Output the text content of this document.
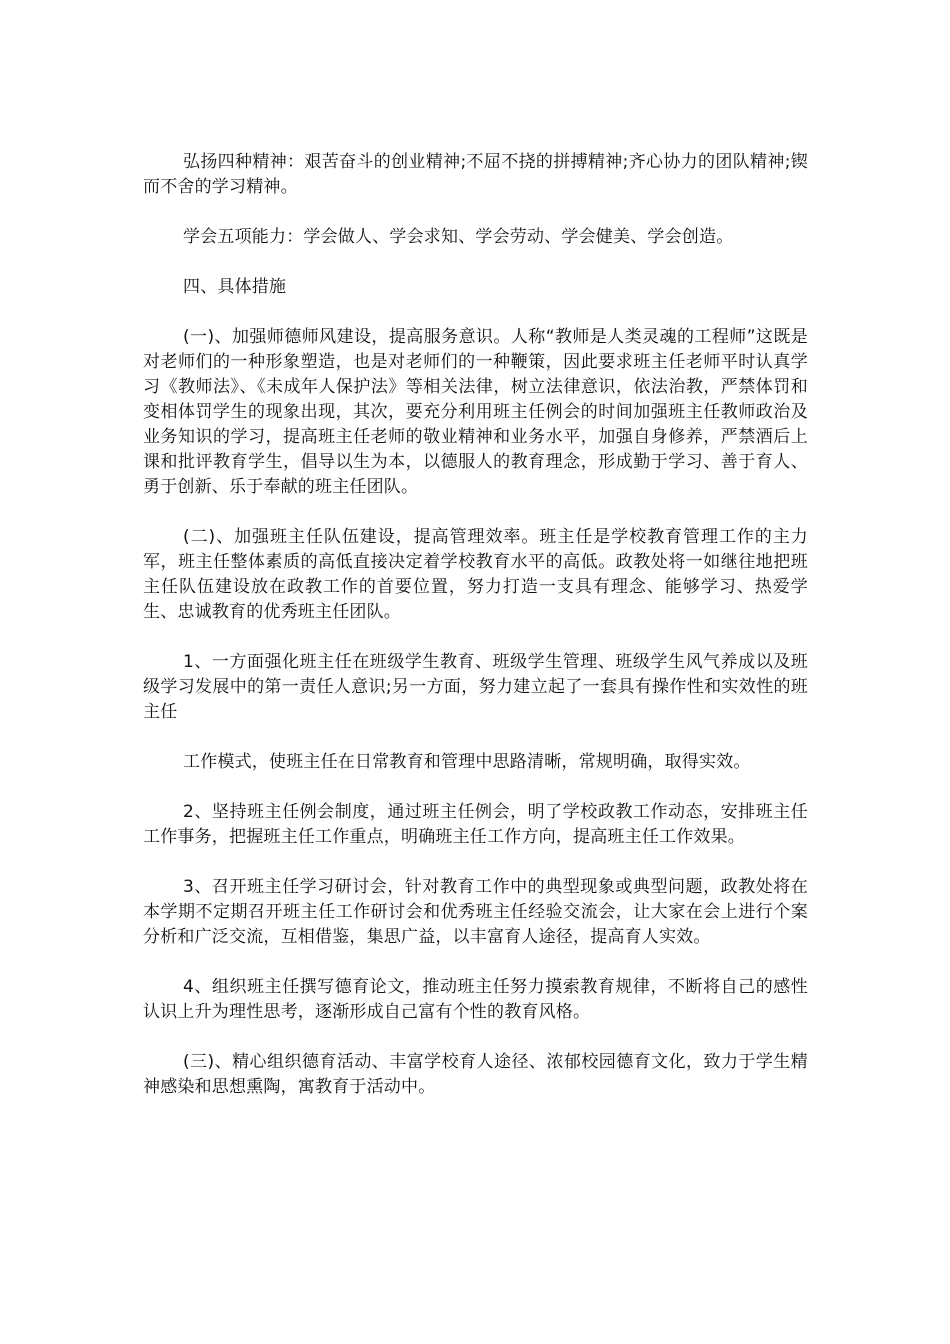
弘扬四种精神：艰苦奋斗的创业精神;不屈不挠的拼搏精神;齐心协力的团队精神;锲而不舍的学习精神。

学会五项能力：学会做人、学会求知、学会劳动、学会健美、学会创造。

四、具体措施

(一)、加强师德师风建设，提高服务意识。人称“教师是人类灵魂的工程师”这既是对老师们的一种形象塑造，也是对老师们的一种鞭策，因此要求班主任老师平时认真学习《教师法》、《未成年人保护法》等相关法律，树立法律意识，依法治教，严禁体罚和变相体罚学生的现象出现，其次，要充分利用班主任例会的时间加强班主任教师政治及业务知识的学习，提高班主任老师的敬业精神和业务水平，加强自身修养，严禁酒后上课和批评教育学生，倡导以生为本，以德服人的教育理念，形成勤于学习、善于育人、勇于创新、乐于奉献的班主任团队。

(二)、加强班主任队伍建设，提高管理效率。班主任是学校教育管理工作的主力军，班主任整体素质的高低直接决定着学校教育水平的高低。政教处将一如继往地把班主任队伍建设放在政教工作的首要位置，努力打造一支具有理念、能够学习、热爱学生、忠诚教育的优秀班主任团队。

1、一方面强化班主任在班级学生教育、班级学生管理、班级学生风气养成以及班级学习发展中的第一责任人意识;另一方面，努力建立起了一套具有操作性和实效性的班主任

工作模式，使班主任在日常教育和管理中思路清晰，常规明确，取得实效。

2、坚持班主任例会制度，通过班主任例会，明了学校政教工作动态，安排班主任工作事务，把握班主任工作重点，明确班主任工作方向，提高班主任工作效果。

3、召开班主任学习研讨会，针对教育工作中的典型现象或典型问题，政教处将在本学期不定期召开班主任工作研讨会和优秀班主任经验交流会，让大家在会上进行个案分析和广泛交流，互相借鉴，集思广益，以丰富育人途径，提高育人实效。

4、组织班主任撰写德育论文，推动班主任努力摸索教育规律，不断将自己的感性认识上升为理性思考，逐渐形成自己富有个性的教育风格。

(三)、精心组织德育活动、丰富学校育人途径、浓郁校园德育文化，致力于学生精神感染和思想熏陶，寓教育于活动中。
